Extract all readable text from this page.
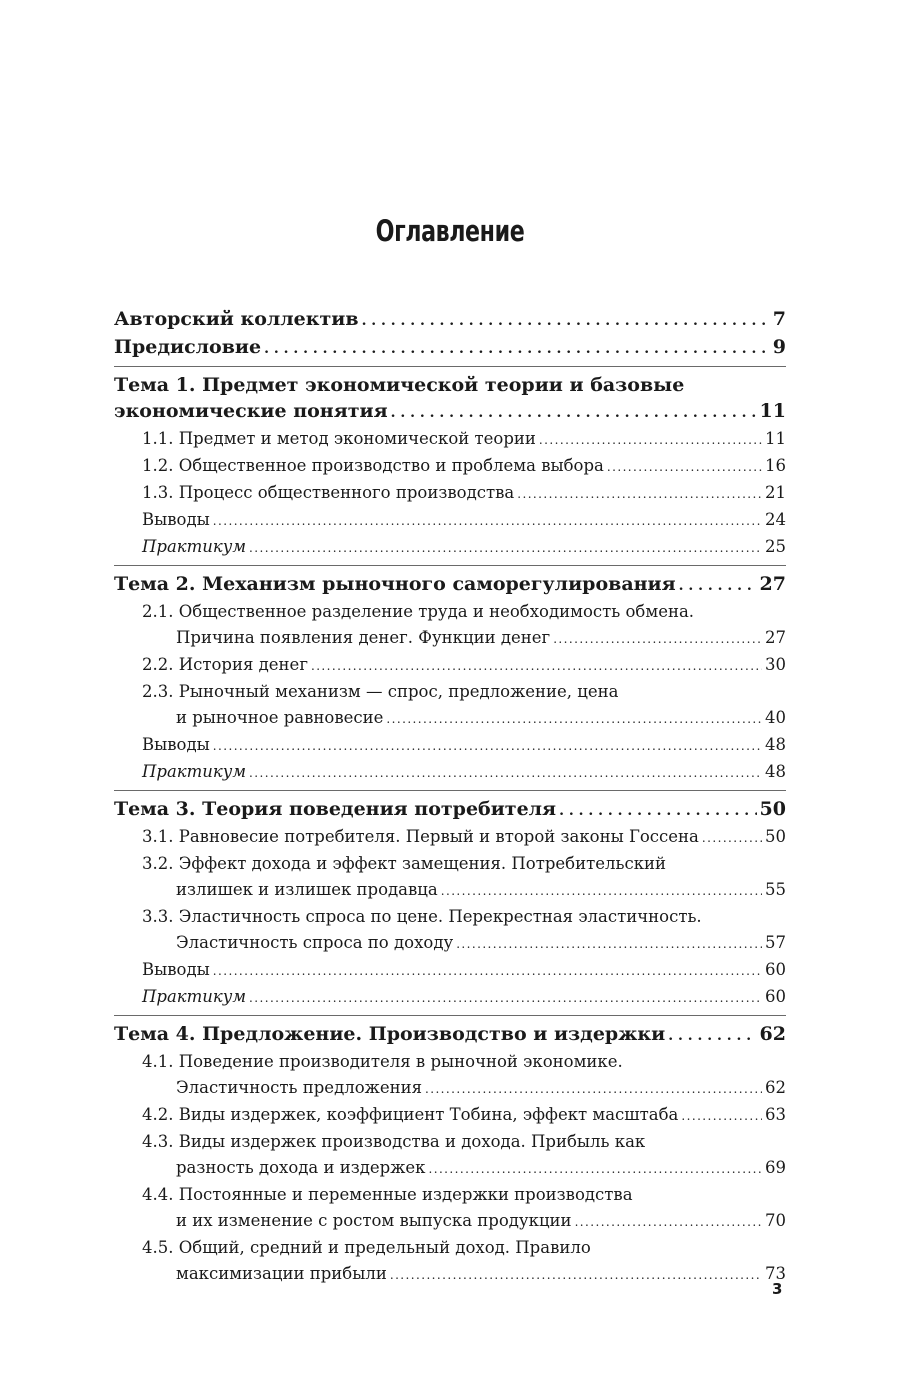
Оглавление
Авторский коллектив . . .	7
Предисловие . . .	9
Тема 1. Предмет экономической теории и базовые
экономические понятия . . .	11
1.1. Предмет и метод экономической теории . . .	11
1.2. Общественное производство и проблема выбора . . .	16
1.3. Процесс общественного производства . . .	21
Выводы . . .	24
Практикум . . .	25
Тема 2. Механизм рыночного саморегулирования . . .	27
2.1. Общественное разделение труда и необходимость обмена.
Причина появления денег. Функции денег . . .	27
2.2. История денег . . .	30
2.3. Рыночный механизм — спрос, предложение, цена
и рыночное равновесие . . .	40
Выводы . . .	48
Практикум . . .	48
Тема 3. Теория поведения потребителя . . .	50
3.1. Равновесие потребителя. Первый и второй законы Госсена . . .	50
3.2. Эффект дохода и эффект замещения. Потребительский
излишек и излишек продавца . . .	55
3.3. Эластичность спроса по цене. Перекрестная эластичность.
Эластичность спроса по доходу . . .	57
Выводы . . .	60
Практикум . . .	60
Тема 4. Предложение. Производство и издержки . . .	62
4.1. Поведение производителя в рыночной экономике.
Эластичность предложения . . .	62
4.2. Виды издержек, коэффициент Тобина, эффект масштаба . . .	63
4.3. Виды издержек производства и дохода. Прибыль как
разность дохода и издержек . . .	69
4.4. Постоянные и переменные издержки производства
и их изменение с ростом выпуска продукции . . .	70
4.5. Общий, средний и предельный доход. Правило
максимизации прибыли . . .	73
3
